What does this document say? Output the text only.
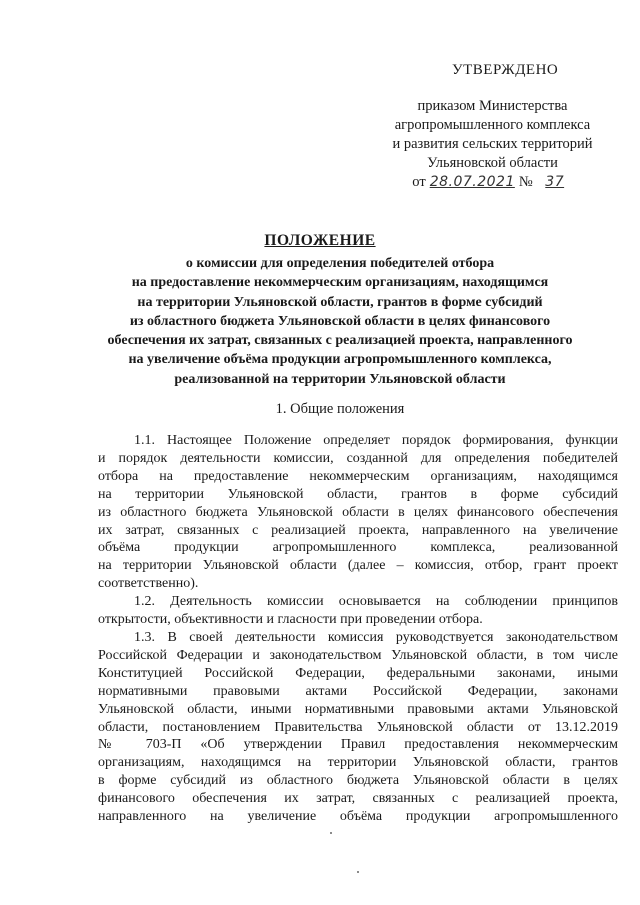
УТВЕРЖДЕНО
приказом Министерства
агропромышленного комплекса
и развития сельских территорий
Ульяновской области
от 28.07.2021 № 37
ПОЛОЖЕНИЕ
о комиссии для определения победителей отбора
на предоставление некоммерческим организациям, находящимся
на территории Ульяновской области, грантов в форме субсидий
из областного бюджета Ульяновской области в целях финансового
обеспечения их затрат, связанных с реализацией проекта, направленного
на увеличение объёма продукции агропромышленного комплекса,
реализованной на территории Ульяновской области
1. Общие положения

1.1. Настоящее Положение определяет порядок формирования, функции
и порядок деятельности комиссии, созданной для определения победителей
отбора на предоставление некоммерческим организациям, находящимся
на территории Ульяновской области, грантов в форме субсидий
из областного бюджета Ульяновской области в целях финансового обеспечения
их затрат, связанных с реализацией проекта, направленного на увеличение
объёма продукции агропромышленного комплекса, реализованной
на территории Ульяновской области (далее – комиссия, отбор, грант проект
соответственно).

1.2. Деятельность комиссии основывается на соблюдении принципов
открытости, объективности и гласности при проведении отбора.

1.3. В своей деятельности комиссия руководствуется законодательством
Российской Федерации и законодательством Ульяновской области, в том числе
Конституцией Российской Федерации, федеральными законами, иными
нормативными правовыми актами Российской Федерации, законами
Ульяновской области, иными нормативными правовыми актами Ульяновской
области, постановлением Правительства Ульяновской области от 13.12.2019
№ 703-П «Об утверждении Правил предоставления некоммерческим
организациям, находящимся на территории Ульяновской области, грантов
в форме субсидий из областного бюджета Ульяновской области в целях
финансового обеспечения их затрат, связанных с реализацией проекта,
направленного на увеличение объёма продукции агропромышленного
